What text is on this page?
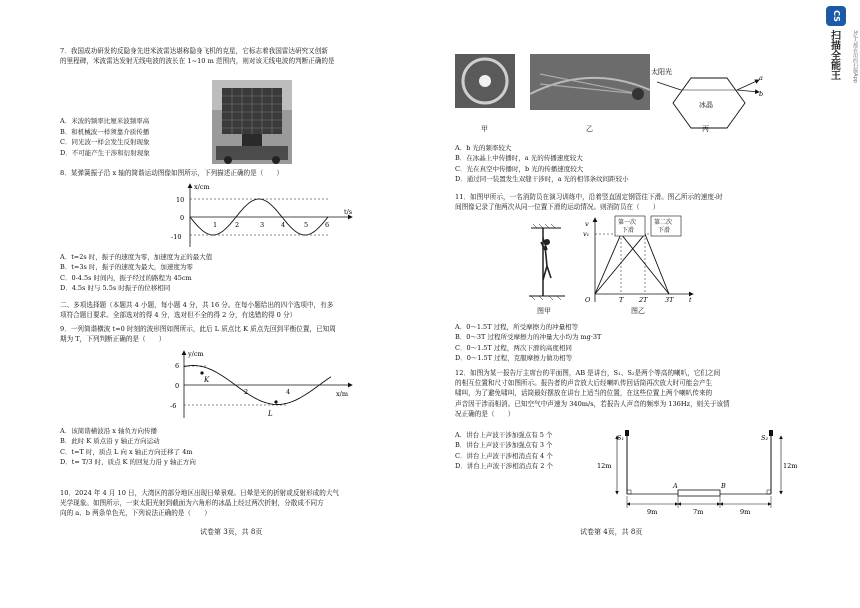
7．我国成功研发的反隐身先进米波雷达堪称隐身飞机的克星，它标志着我国雷达研究又创新
的里程碑，米波雷达发射无线电波的波长在 1~10 m 范围内，则对该无线电波的判断正确的是
A．米波的频率比厘米波频率高
B．和机械波一样须靠介质传播
C．同光波一样会发生反射现象
D．不可能产生干涉和衍射现象
8．某弹簧振子沿 x 轴的简谐运动图像如图所示，下列描述正确的是（　　）
x/cm
t/s
10
0
-10
1	2	3	4	5	6
A．t=2s 时，振子的速度为零，加速度为正的最大值
B．t=3s 时，振子的速度为最大，加速度为零
C．0-4.5s 时间内，振子经过的路程为 45cm
D．4.5s 时与 5.5s 时振子的位移相同
二、多项选择题（本题共 4 小题，每小题 4 分，共 16 分。在每小题给出的四个选项中，有多
项符合题目要求。全部选对的得 4 分，选对但不全的得 2 分，有选错的得 0 分）
9．一列简谐横波 t=0 时刻的波形图如图所示，此后 L 质点比 K 质点先回到平衡位置，已知周
期为 T，下列判断正确的是（　　）
y/cm
x/m
6
0
-6
K
L
2	4
A．该简谐横波沿 x 轴负方向传播
B．此时 K 质点沿 y 轴正方向运动
C．t=T 时，质点 L 向 x 轴正方向迁移了 4m
D．t= T/3 时，质点 K 的回复力沿 y 轴正方向
10．2024 年 4 月 10 日，大湾区的部分地区出现日晕景观。日晕是光的折射或反射形成的大气
光学现象。如图所示，一束太阳光射到截面为六角形的冰晶上经过两次折射，分散成不同方
向的 a、b 两条单色光，下列说法正确的是（　　）
试卷第 3页，共 8页
太阳光
冰晶
a
b
甲	乙	丙
A．b 光的频率较大
B．在冰晶上中传播时，a 光的传播速度较大
C．光在真空中传播时，b 光的传播速度较大
D．通过同一装置发生双缝干涉时，a 光的相邻条纹间距较小
11．如图甲所示，一名消防员在演习训练中，沿着竖直固定钢管往下滑。图乙所示的速度-时
间图像记录了他两次从同一位置下滑的运动情况。则消防员在（　　）
图甲
v
v₁
O	T 2T	3T t
第一次
下滑
第二次
下滑
图乙
A．0～1.5T 过程，所受摩擦力的冲量相等
B．0～3T 过程所受摩擦力的冲量大小均为 mg·3T
C．0～1.5T 过程，两次下滑的高度相同
D．0～1.5T 过程，克服摩擦力做功相等
12．如图为某一报告厅主席台的平面图，AB 是讲台，S₁、S₂是两个等高的喇叭，它们之间
的相互位置和尺寸如图所示。报告者的声音放大后经喇叭传回话筒再次放大时可能会产生
啸叫，为了避免啸叫，话筒最好摆放在讲台上适当的位置，在这些位置上两个喇叭传来的
声音因干涉而相消。已知空气中声速为 340m/s，若报告人声音的频率为 136Hz，则关于该情
况正确的是（　　）
A．讲台上声波干涉加强点有 5 个
B．讲台上声波干涉加强点有 3 个
C．讲台上声波干涉相消点有 4 个
D．讲台上声波干涉相消点有 2 个
S₁	S₂
12m	12m
A	B
9m	7m	9m
试卷第 4页，共 8页
CS
扫描全能王	3亿人都在用的扫描App
